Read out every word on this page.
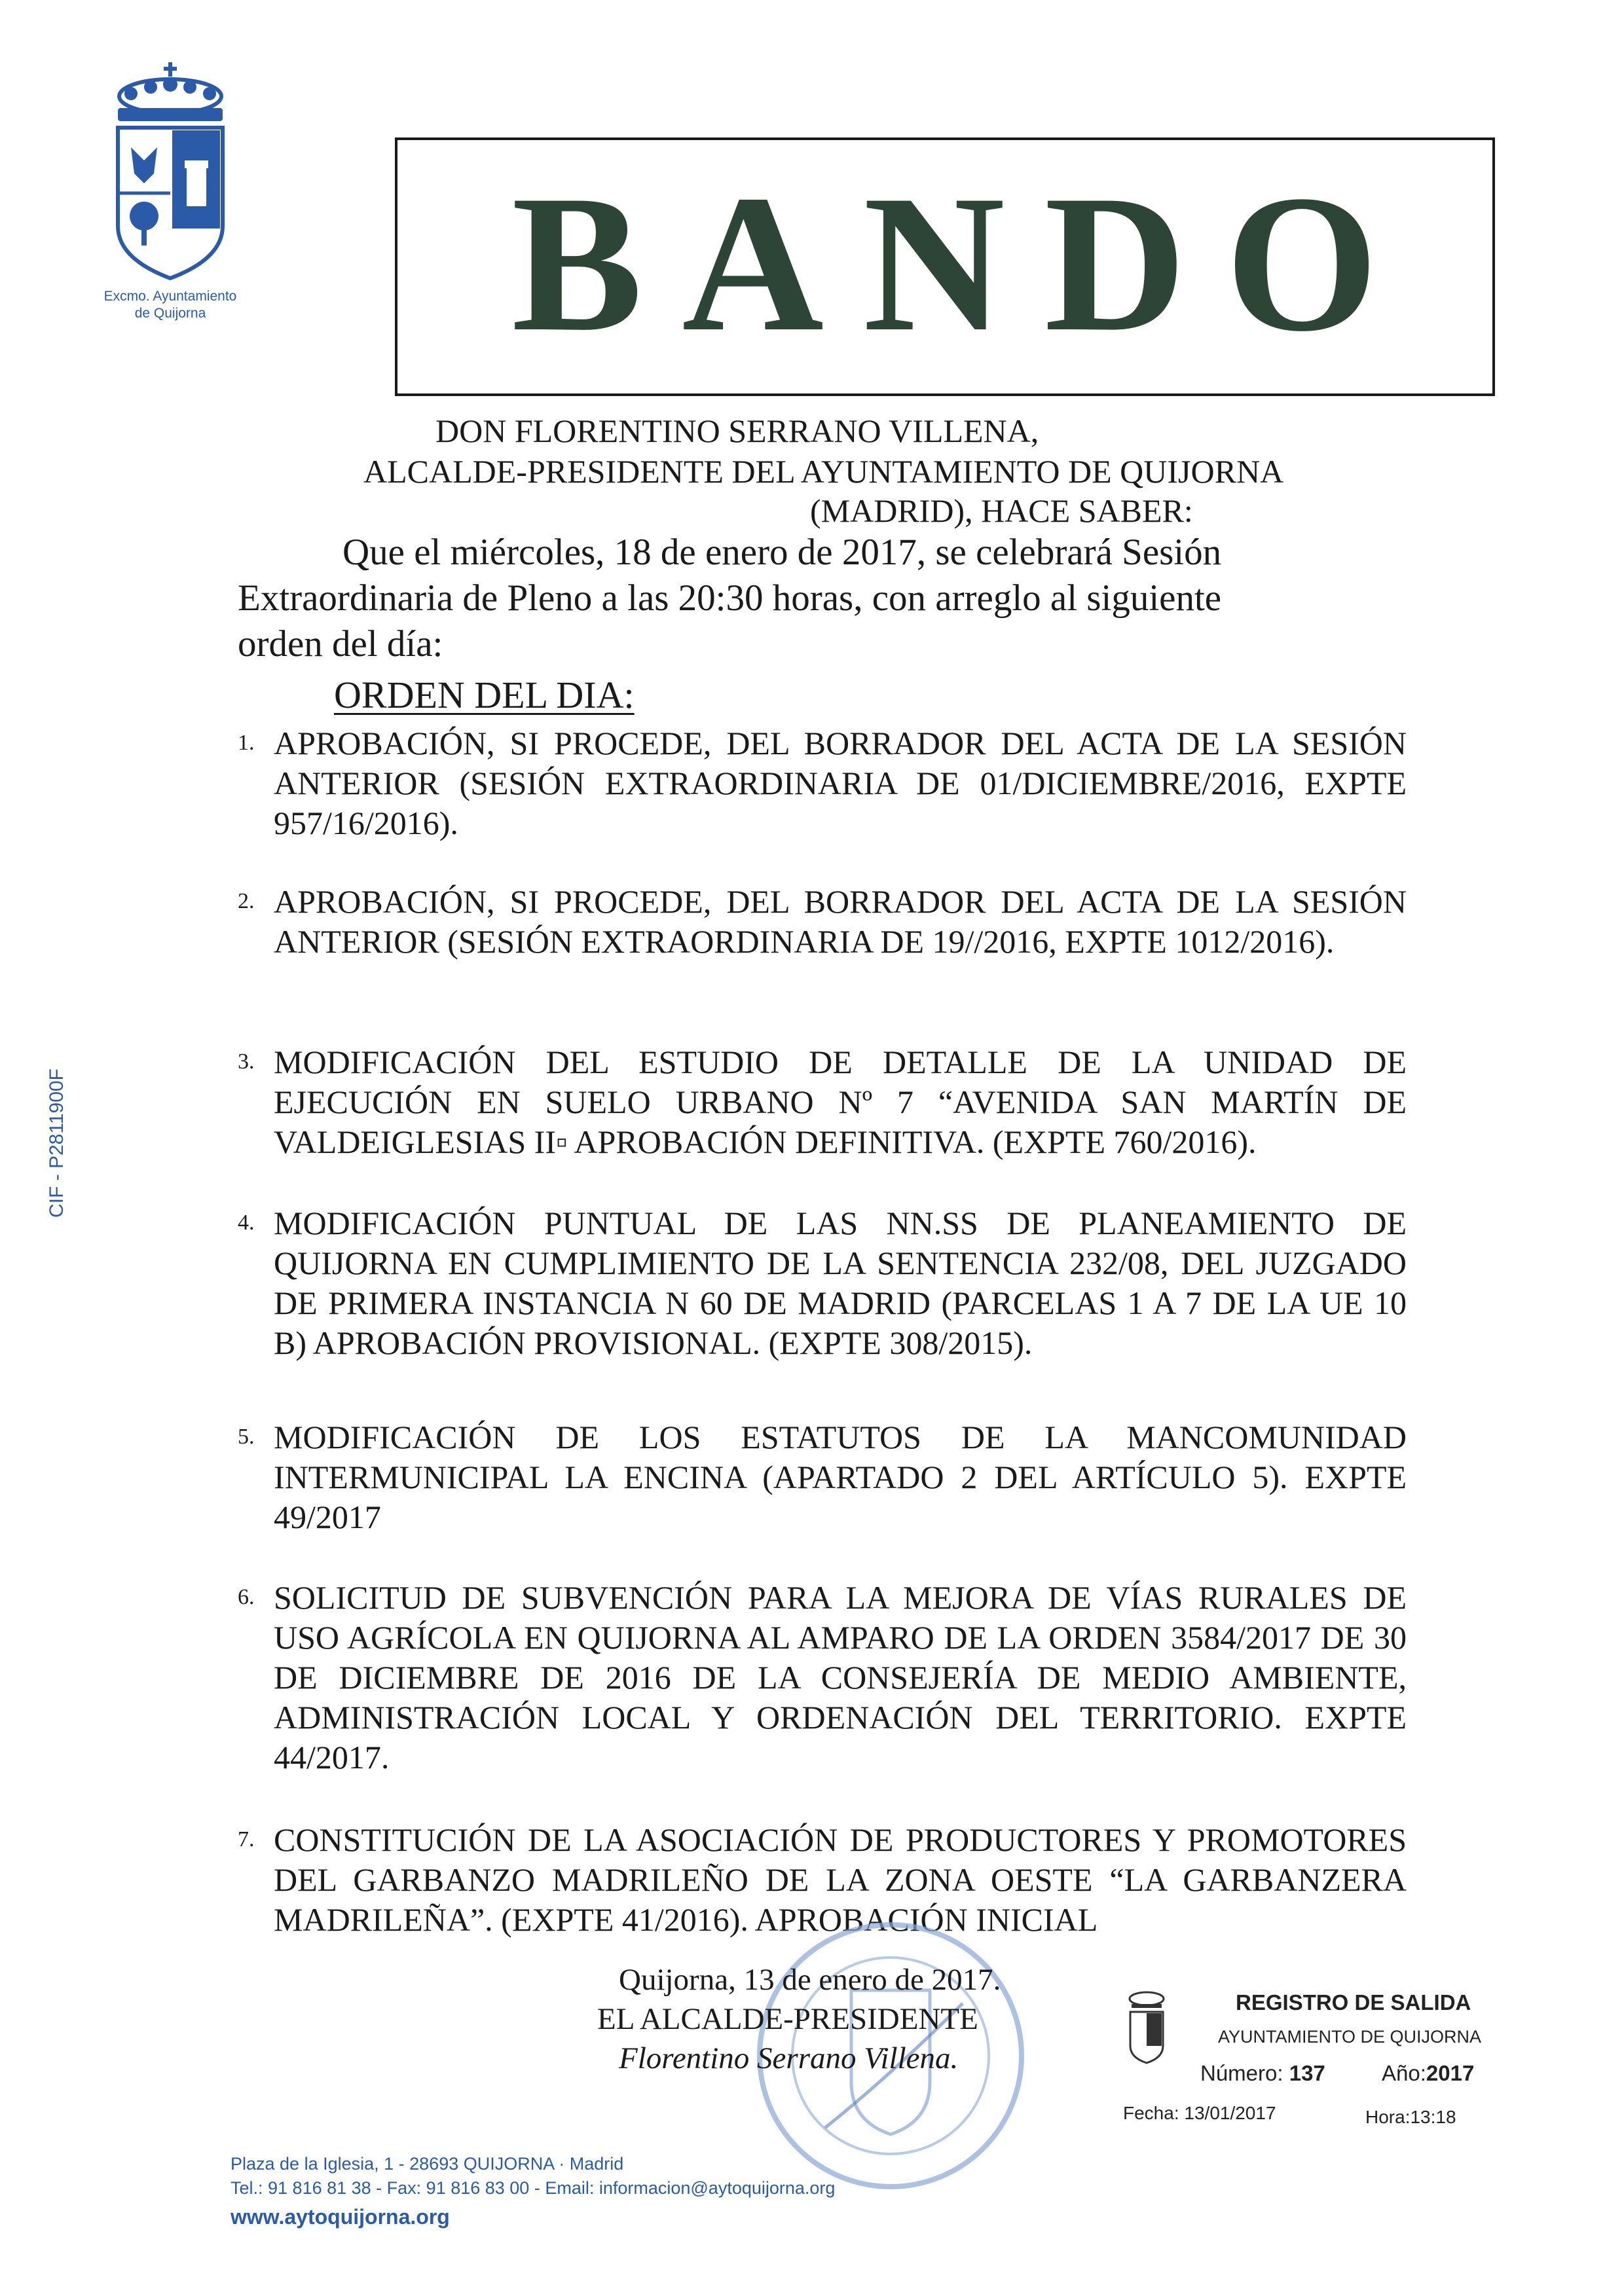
Excmo. Ayuntamiento
de Quijorna
CIF - P2811900F
BANDO
DON FLORENTINO SERRANO VILLENA,
ALCALDE-PRESIDENTE DEL AYUNTAMIENTO DE QUIJORNA
(MADRID), HACE SABER:
Que el miércoles, 18 de enero de 2017, se celebrará Sesión
Extraordinaria de Pleno a las 20:30 horas, con arreglo al siguiente
orden del día:
ORDEN DEL DIA:
1. APROBACIÓN, SI PROCEDE, DEL BORRADOR DEL ACTA DE LA SESIÓN ANTERIOR (SESIÓN EXTRAORDINARIA DE 01/DICIEMBRE/2016, EXPTE 957/16/2016).
2. APROBACIÓN, SI PROCEDE, DEL BORRADOR DEL ACTA DE LA SESIÓN ANTERIOR (SESIÓN EXTRAORDINARIA DE 19//2016, EXPTE 1012/2016).
3. MODIFICACIÓN DEL ESTUDIO DE DETALLE DE LA UNIDAD DE EJECUCIÓN EN SUELO URBANO Nº 7 “AVENIDA SAN MARTÍN DE VALDEIGLESIAS II▫ APROBACIÓN DEFINITIVA. (EXPTE 760/2016).
4. MODIFICACIÓN PUNTUAL DE LAS NN.SS DE PLANEAMIENTO DE QUIJORNA EN CUMPLIMIENTO DE LA SENTENCIA 232/08, DEL JUZGADO DE PRIMERA INSTANCIA N 60 DE MADRID (PARCELAS 1 A 7 DE LA UE 10 B) APROBACIÓN PROVISIONAL. (EXPTE 308/2015).
5. MODIFICACIÓN DE LOS ESTATUTOS DE LA MANCOMUNIDAD INTERMUNICIPAL LA ENCINA (APARTADO 2 DEL ARTÍCULO 5). EXPTE 49/2017
6. SOLICITUD DE SUBVENCIÓN PARA LA MEJORA DE VÍAS RURALES DE USO AGRÍCOLA EN QUIJORNA AL AMPARO DE LA ORDEN 3584/2017 DE 30 DE DICIEMBRE DE 2016 DE LA CONSEJERÍA DE MEDIO AMBIENTE, ADMINISTRACIÓN LOCAL Y ORDENACIÓN DEL TERRITORIO. EXPTE 44/2017.
7. CONSTITUCIÓN DE LA ASOCIACIÓN DE PRODUCTORES Y PROMOTORES DEL GARBANZO MADRILEÑO DE LA ZONA OESTE “LA GARBANZERA MADRILEÑA”. (EXPTE 41/2016). APROBACIÓN INICIAL
Quijorna, 13 de enero de 2017.
EL ALCALDE-PRESIDENTE
Florentino Serrano Villena.
REGISTRO DE SALIDA
AYUNTAMIENTO DE QUIJORNA
Número: 137	Año:2017
Fecha: 13/01/2017	Hora:13:18
Plaza de la Iglesia, 1 - 28693 QUIJORNA · Madrid
Tel.: 91 816 81 38 - Fax: 91 816 83 00 - Email: informacion@aytoquijorna.org
www.aytoquijorna.org
